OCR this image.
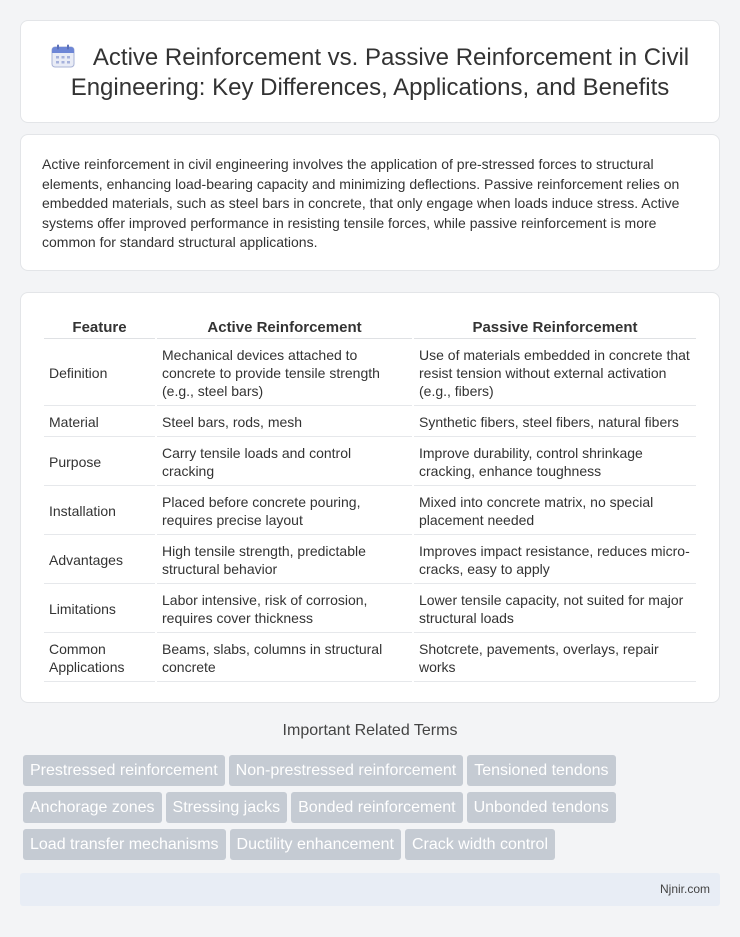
Active Reinforcement vs. Passive Reinforcement in Civil Engineering: Key Differences, Applications, and Benefits

Active reinforcement in civil engineering involves the application of pre-stressed forces to structural elements, enhancing load-bearing capacity and minimizing deflections. Passive reinforcement relies on embedded materials, such as steel bars in concrete, that only engage when loads induce stress. Active systems offer improved performance in resisting tensile forces, while passive reinforcement is more common for standard structural applications.

Feature	Active Reinforcement	Passive Reinforcement
Definition	Mechanical devices attached to concrete to provide tensile strength (e.g., steel bars)	Use of materials embedded in concrete that resist tension without external activation (e.g., fibers)
Material	Steel bars, rods, mesh	Synthetic fibers, steel fibers, natural fibers
Purpose	Carry tensile loads and control cracking	Improve durability, control shrinkage cracking, enhance toughness
Installation	Placed before concrete pouring, requires precise layout	Mixed into concrete matrix, no special placement needed
Advantages	High tensile strength, predictable structural behavior	Improves impact resistance, reduces micro-cracks, easy to apply
Limitations	Labor intensive, risk of corrosion, requires cover thickness	Lower tensile capacity, not suited for major structural loads
Common Applications	Beams, slabs, columns in structural concrete	Shotcrete, pavements, overlays, repair works
Important Related Terms
Prestressed reinforcement Non-prestressed reinforcement Tensioned tendons
Anchorage zones Stressing jacks Bonded reinforcement Unbonded tendons
Load transfer mechanisms Ductility enhancement Crack width control
Njnir.com
